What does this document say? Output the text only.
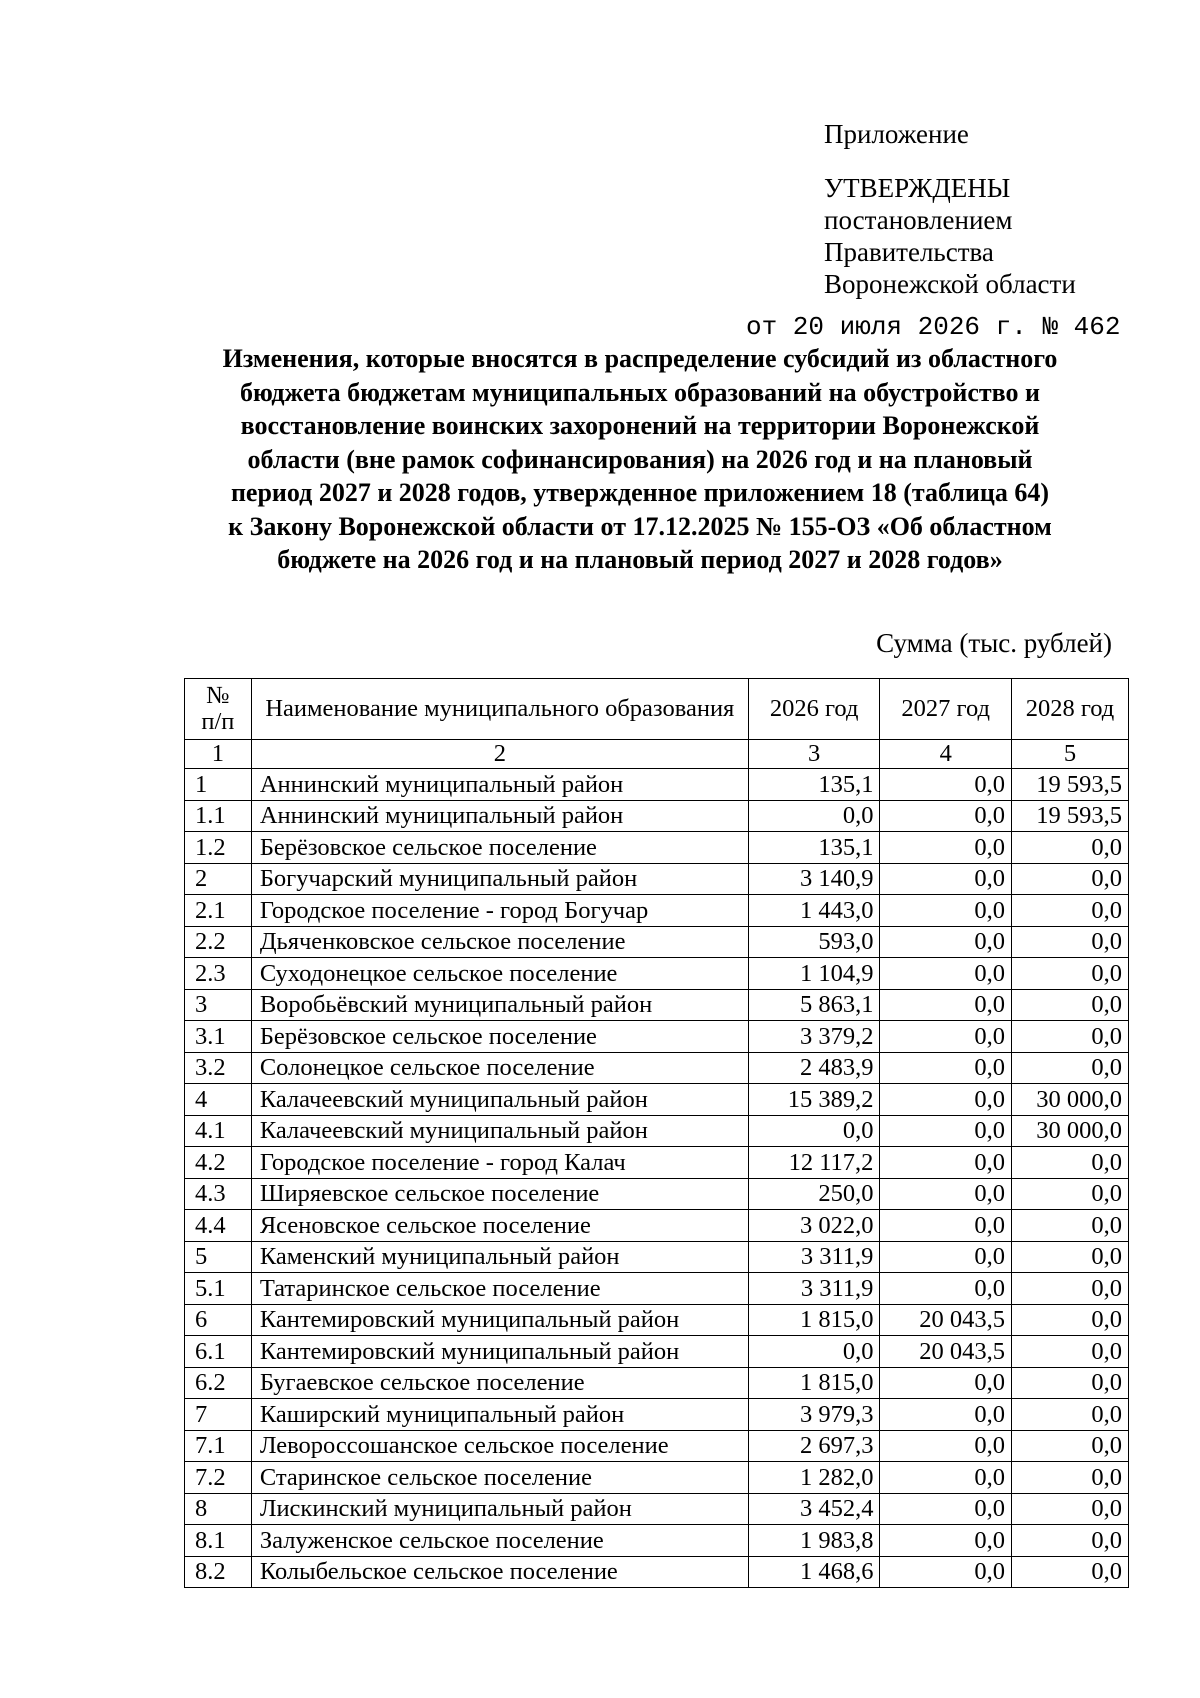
Приложение
УТВЕРЖДЕНЫ
постановлением
Правительства
Воронежской области
от 20 июля 2026 г. № 462
Изменения, которые вносятся в распределение субсидий из областного
бюджета бюджетам муниципальных образований на обустройство и
восстановление воинских захоронений на территории Воронежской
области (вне рамок софинансирования) на 2026 год и на плановый
период 2027 и 2028 годов, утвержденное приложением 18 (таблица 64)
к Закону Воронежской области от 17.12.2025 № 155-ОЗ «Об областном
бюджете на 2026 год и на плановый период 2027 и 2028 годов»
Сумма (тыс. рублей)
№
п/п	Наименование муниципального образования	2026 год	2027 год	2028 год
1	2	3	4	5
1	Аннинский муниципальный район	135,1	0,0	19 593,5
1.1	Аннинский муниципальный район	0,0	0,0	19 593,5
1.2	Берёзовское сельское поселение	135,1	0,0	0,0
2	Богучарский муниципальный район	3 140,9	0,0	0,0
2.1	Городское поселение - город Богучар	1 443,0	0,0	0,0
2.2	Дьяченковское сельское поселение	593,0	0,0	0,0
2.3	Суходонецкое сельское поселение	1 104,9	0,0	0,0
3	Воробьёвский муниципальный район	5 863,1	0,0	0,0
3.1	Берёзовское сельское поселение	3 379,2	0,0	0,0
3.2	Солонецкое сельское поселение	2 483,9	0,0	0,0
4	Калачеевский муниципальный район	15 389,2	0,0	30 000,0
4.1	Калачеевский муниципальный район	0,0	0,0	30 000,0
4.2	Городское поселение - город Калач	12 117,2	0,0	0,0
4.3	Ширяевское сельское поселение	250,0	0,0	0,0
4.4	Ясеновское сельское поселение	3 022,0	0,0	0,0
5	Каменский муниципальный район	3 311,9	0,0	0,0
5.1	Татаринское сельское поселение	3 311,9	0,0	0,0
6	Кантемировский муниципальный район	1 815,0	20 043,5	0,0
6.1	Кантемировский муниципальный район	0,0	20 043,5	0,0
6.2	Бугаевское сельское поселение	1 815,0	0,0	0,0
7	Каширский муниципальный район	3 979,3	0,0	0,0
7.1	Левороссошанское сельское поселение	2 697,3	0,0	0,0
7.2	Старинское сельское поселение	1 282,0	0,0	0,0
8	Лискинский муниципальный район	3 452,4	0,0	0,0
8.1	Залуженское сельское поселение	1 983,8	0,0	0,0
8.2	Колыбельское сельское поселение	1 468,6	0,0	0,0
